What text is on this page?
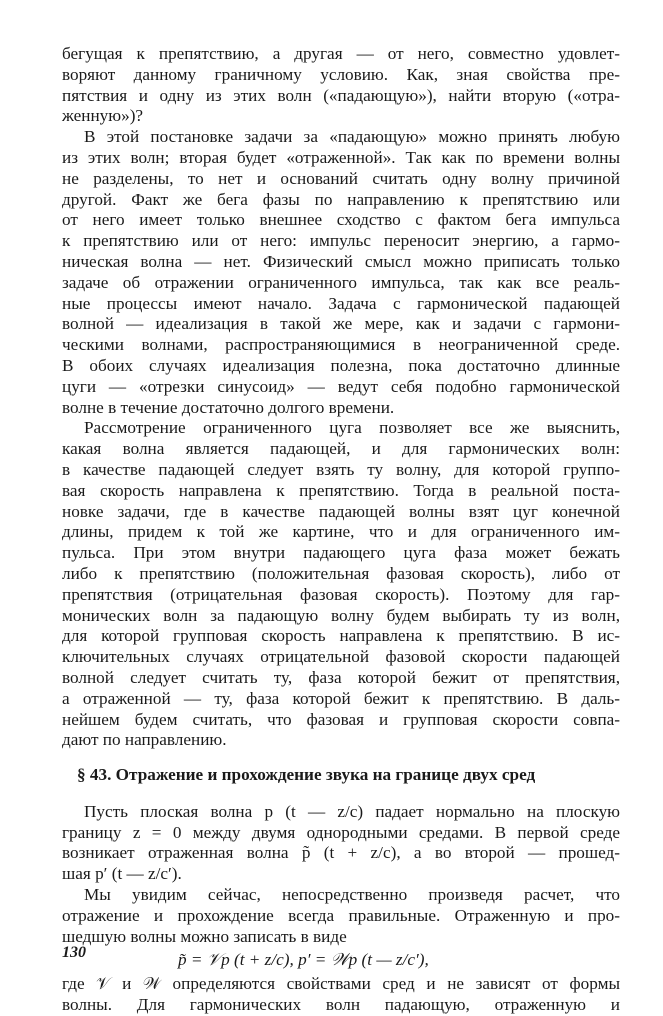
бегущая к препятствию, а другая — от него, совместно удовлет-
воряют данному граничному условию. Как, зная свойства пре-
пятствия и одну из этих волн («падающую»), найти вторую («отра-
женную»)?
В этой постановке задачи за «падающую» можно принять любую
из этих волн; вторая будет «отраженной». Так как по времени волны
не разделены, то нет и оснований считать одну волну причиной
другой. Факт же бега фазы по направлению к препятствию или
от него имеет только внешнее сходство с фактом бега импульса
к препятствию или от него: импульс переносит энергию, а гармо-
ническая волна — нет. Физический смысл можно приписать только
задаче об отражении ограниченного импульса, так как все реаль-
ные процессы имеют начало. Задача с гармонической падающей
волной — идеализация в такой же мере, как и задачи с гармони-
ческими волнами, распространяющимися в неограниченной среде.
В обоих случаях идеализация полезна, пока достаточно длинные
цуги — «отрезки синусоид» — ведут себя подобно гармонической
волне в течение достаточно долгого времени.
Рассмотрение ограниченного цуга позволяет все же выяснить,
какая волна является падающей, и для гармонических волн:
в качестве падающей следует взять ту волну, для которой группо-
вая скорость направлена к препятствию. Тогда в реальной поста-
новке задачи, где в качестве падающей волны взят цуг конечной
длины, придем к той же картине, что и для ограниченного им-
пульса. При этом внутри падающего цуга фаза может бежать
либо к препятствию (положительная фазовая скорость), либо от
препятствия (отрицательная фазовая скорость). Поэтому для гар-
монических волн за падающую волну будем выбирать ту из волн,
для которой групповая скорость направлена к препятствию. В ис-
ключительных случаях отрицательной фазовой скорости падающей
волной следует считать ту, фаза которой бежит от препятствия,
а отраженной — ту, фаза которой бежит к препятствию. В даль-
нейшем будем считать, что фазовая и групповая скорости совпа-
дают по направлению.
§ 43. Отражение и прохождение звука на границе двух сред
Пусть плоская волна p (t — z/c) падает нормально на плоскую
границу z = 0 между двумя однородными средами. В первой среде
возникает отраженная волна p̃ (t + z/c), а во второй — прошед-
шая p′ (t — z/c′).
Мы увидим сейчас, непосредственно произведя расчет, что
отражение и прохождение всегда правильные. Отраженную и про-
шедшую волны можно записать в виде
p̃ = 𝒱p (t + z/c), p′ = 𝒲p (t — z/c′),
где 𝒱 и 𝒲 определяются свойствами сред и не зависят от формы
волны. Для гармонических волн падающую, отраженную и
130
